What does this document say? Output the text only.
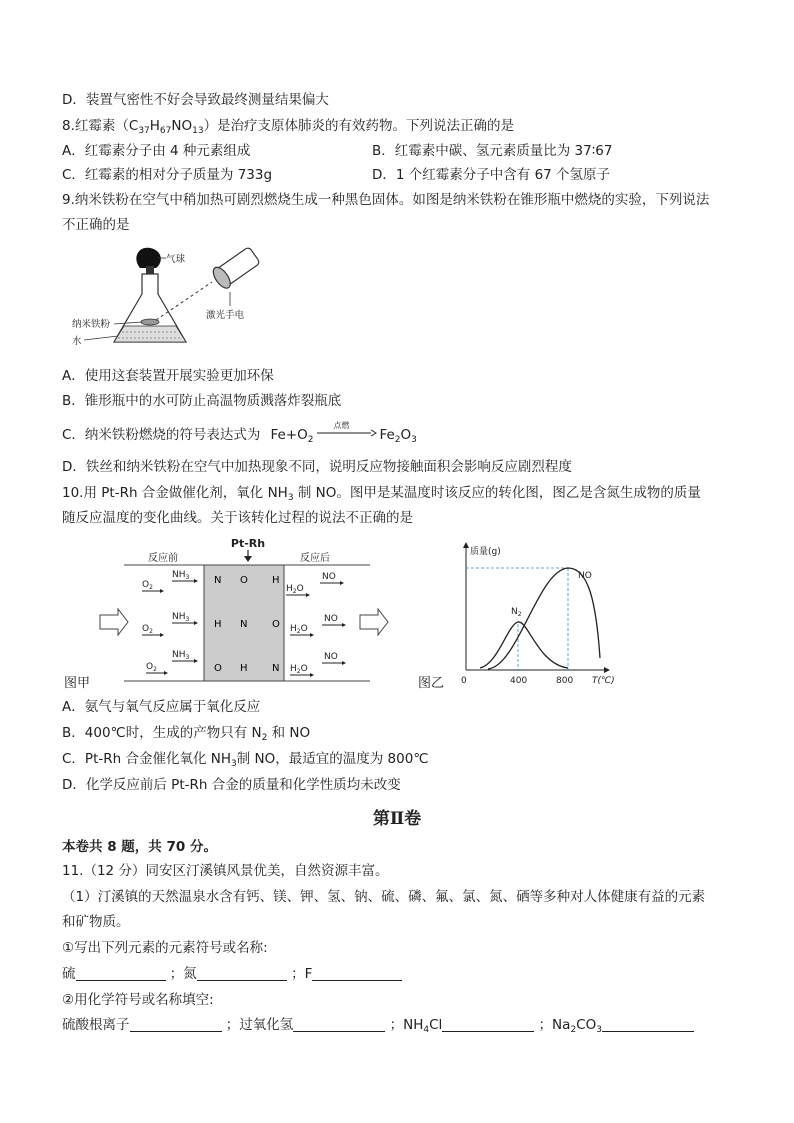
D．装置气密性不好会导致最终测量结果偏大
8.红霉素$(C_{37}H_{67}NO_{13})$是治疗支原体肺炎的有效药物。下列说法正确的是
A．红霉素分子由 4 种元素组成	B．红霉素中碳、氢元素质量比为 37∶67
C．红霉素的相对分子质量为 733g	D．1 个红霉素分子中含有 67 个氢原子
9.纳米铁粉在空气中稍加热可剧烈燃烧生成一种黑色固体。如图是纳米铁粉在锥形瓶中燃烧的实验，下列说法
不正确的是
气球
纳米铁粉
水
激光手电
A．使用这套装置开展实验更加环保
B．锥形瓶中的水可防止高温物质溅落炸裂瓶底
C．纳米铁粉燃烧的符号表达式为 $Fe+O_2$
点燃
$Fe_2O_3$
D．铁丝和纳米铁粉在空气中加热现象不同，说明反应物接触面积会影响反应剧烈程度
10.用 Pt-Rh 合金做催化剂，氧化 $NH_3$ 制 NO。图甲是某温度时该反应的转化图，图乙是含氮生成物的质量
随反应温度的变化曲线。关于该转化过程的说法不正确的是
Pt-Rh
反应前	反应后
N O H
H N O
O H N
$O_2$
$NH_3$
$NH_3$
$O_2$
$NH_3$
$O_2$
$H_2O$
NO
$H_2O$
NO
$H_2O$
NO
图甲	图乙
质量(g)
0	400	800 T(℃)
$N_2$
NO
A．氨气与氧气反应属于氧化反应
B．400℃时，生成的产物只有 $N_2$ 和 NO
C．Pt-Rh 合金催化氧化 $NH_3$制 NO，最适宜的温度为 800℃
D．化学反应前后 Pt-Rh 合金的质量和化学性质均未改变
第Ⅱ卷
本卷共 8 题，共 70 分。
11.（12 分）同安区汀溪镇风景优美，自然资源丰富。
（1）汀溪镇的天然温泉水含有钙、镁、钾、氢、钠、硫、磷、氟、氯、氮、硒等多种对人体健康有益的元素
和矿物质。
①写出下列元素的元素符号或名称:
硫	；氮	；F
②用化学符号或名称填空:
硫酸根离子	；过氧化氢	；$NH_4Cl$	；$Na_2CO_3$
